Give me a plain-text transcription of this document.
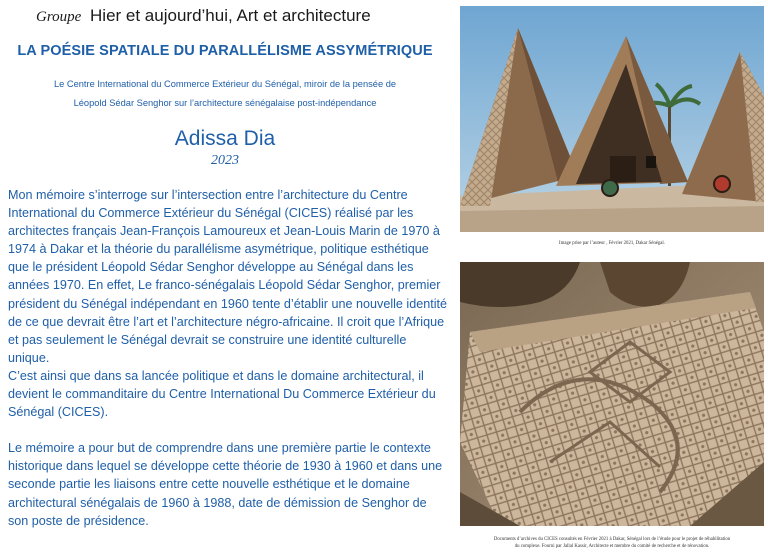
Groupe Hier et aujourd’hui, Art et architecture
LA POÉSIE SPATIALE DU PARALLÉLISME ASSYMÉTRIQUE
Le Centre International du Commerce Extérieur du Sénégal, miroir de la pensée de
Léopold Sédar Senghor sur l’architecture sénégalaise post-indépendance
Adissa Dia
2023

Mon mémoire s’interroge sur l’intersection entre l’architecture du Centre International du Commerce Extérieur du Sénégal (CICES) réalisé par les architectes français Jean-François Lamoureux et Jean-Louis Marin de 1970 à 1974 à Dakar et la théorie du parallélisme asymétrique, politique esthétique que le président Léopold Sédar Senghor développe au Sénégal dans les années 1970. En effet, Le franco-sénégalais Léopold Sédar Senghor, premier président du Sénégal indépendant en 1960 tente d’établir une nouvelle identité de ce que devrait être l’art et l’architecture négro-africaine. Il croit que l’Afrique et pas seulement le Sénégal devrait se construire une identité culturelle unique.

C’est ainsi que dans sa lancée politique et dans le domaine architectural, il devient le commanditaire du Centre International Du Commerce Extérieur du Sénégal (CICES).

Le mémoire a pour but de comprendre dans une première partie le contexte historique dans lequel se développe cette théorie de 1930 à 1960 et dans une seconde partie les liaisons entre cette nouvelle esthétique et le domaine architectural sénégalais de 1960 à 1988, date de démission de Senghor de son poste de présidence.

Image prise par l’auteur , Février 2021, Dakar Sénégal.
Documents d’archives du CICES consultés en Février 2021 à Dakar, Sénégal lors de l’étude pour le projet de réhabilitation
du complexe. Fourni par Jallal Kassir, Architecte et membre du comité de recherche et de rénovation.
